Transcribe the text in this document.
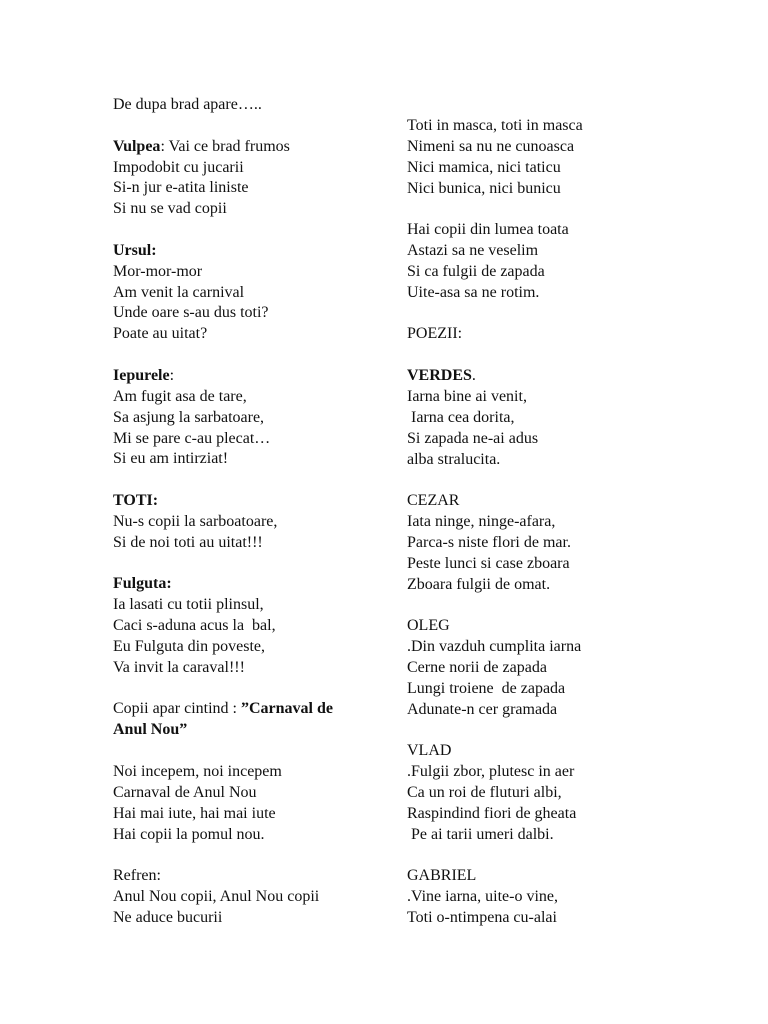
De dupa brad apare…..
Vulpea: Vai ce brad frumos
Impodobit cu jucarii
Si-n jur e-atita liniste
Si nu se vad copii
Ursul:
Mor-mor-mor
Am venit la carnival
Unde oare s-au dus toti?
Poate au uitat?
Iepurele:
Am fugit asa de tare,
Sa asjung la sarbatoare,
Mi se pare c-au plecat…
Si eu am intirziat!
TOTI:
Nu-s copii la sarboatoare,
Si de noi toti au uitat!!!
Fulguta:
Ia lasati cu totii plinsul,
Caci s-aduna acus la  bal,
Eu Fulguta din poveste,
Va invit la caraval!!!
Copii apar cintind : ”Carnaval de
Anul Nou”
Noi incepem, noi incepem
Carnaval de Anul Nou
Hai mai iute, hai mai iute
Hai copii la pomul nou.
Refren:
Anul Nou copii, Anul Nou copii
Ne aduce bucurii
Toti in masca, toti in masca
Nimeni sa nu ne cunoasca
Nici mamica, nici taticu
Nici bunica, nici bunicu
Hai copii din lumea toata
Astazi sa ne veselim
Si ca fulgii de zapada
Uite-asa sa ne rotim.
POEZII:
VERDES.
Iarna bine ai venit,
Iarna cea dorita,
Si zapada ne-ai adus
alba stralucita.
CEZAR
Iata ninge, ninge-afara,
Parca-s niste flori de mar.
Peste lunci si case zboara
Zboara fulgii de omat.
OLEG
.Din vazduh cumplita iarna
Cerne norii de zapada
Lungi troiene  de zapada
Adunate-n cer gramada
VLAD
.Fulgii zbor, plutesc in aer
Ca un roi de fluturi albi,
Raspindind fiori de gheata
Pe ai tarii umeri dalbi.
GABRIEL
.Vine iarna, uite-o vine,
Toti o-ntimpena cu-alai
